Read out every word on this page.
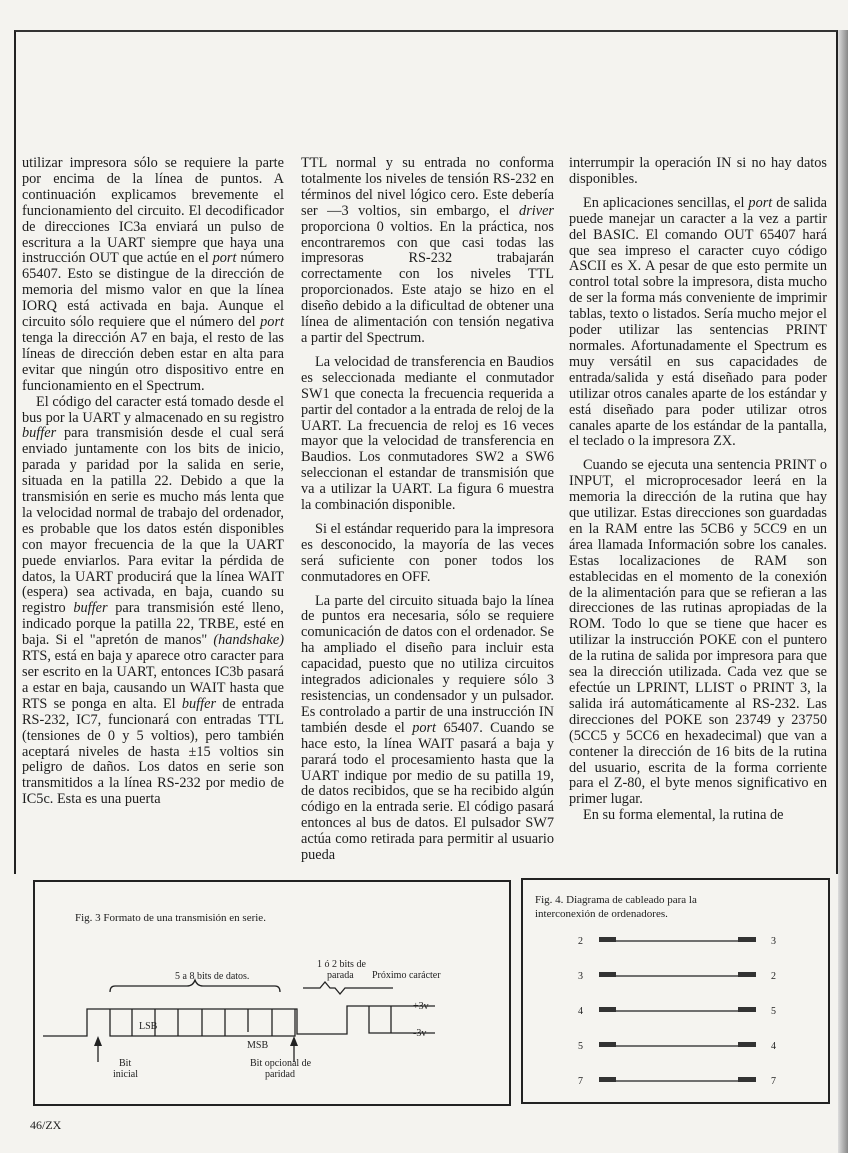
utilizar impresora sólo se requiere la parte por encima de la línea de puntos. A continuación explicamos brevemente el funcionamiento del circuito. El decodificador de direcciones IC3a enviará un pulso de escritura a la UART siempre que haya una instrucción OUT que actúe en el port número 65407. Esto se distingue de la dirección de memoria del mismo valor en que la línea IORQ está activada en baja. Aunque el circuito sólo requiere que el número del port tenga la dirección A7 en baja, el resto de las líneas de dirección deben estar en alta para evitar que ningún otro dispositivo entre en funcionamiento en el Spectrum.

El código del caracter está tomado desde el bus por la UART y almacenado en su registro buffer para transmisión desde el cual será enviado juntamente con los bits de inicio, parada y paridad por la salida en serie, situada en la patilla 22. Debido a que la transmisión en serie es mucho más lenta que la velocidad normal de trabajo del ordenador, es probable que los datos estén disponibles con mayor frecuencia de la que la UART puede enviarlos. Para evitar la pérdida de datos, la UART producirá que la línea WAIT (espera) sea activada, en baja, cuando su registro buffer para transmisión esté lleno, indicado porque la patilla 22, TRBE, esté en baja. Si el "apretón de manos" (handshake) RTS, está en baja y aparece otro caracter para ser escrito en la UART, entonces IC3b pasará a estar en baja, causando un WAIT hasta que RTS se ponga en alta. El buffer de entrada RS-232, IC7, funcionará con entradas TTL (tensiones de 0 y 5 voltios), pero también aceptará niveles de hasta ±15 voltios sin peligro de daños. Los datos en serie son transmitidos a la línea RS-232 por medio de IC5c. Esta es una puerta

TTL normal y su entrada no conforma totalmente los niveles de tensión RS-232 en términos del nivel lógico cero. Este debería ser —3 voltios, sin embargo, el driver proporciona 0 voltios. En la práctica, nos encontraremos con que casi todas las impresoras RS-232 trabajarán correctamente con los niveles TTL proporcionados. Este atajo se hizo en el diseño debido a la dificultad de obtener una línea de alimentación con tensión negativa a partir del Spectrum.

La velocidad de transferencia en Baudios es seleccionada mediante el conmutador SW1 que conecta la frecuencia requerida a partir del contador a la entrada de reloj de la UART. La frecuencia de reloj es 16 veces mayor que la velocidad de transferencia en Baudios. Los conmutadores SW2 a SW6 seleccionan el estandar de transmisión que va a utilizar la UART. La figura 6 muestra la combinación disponible.

Si el estándar requerido para la impresora es desconocido, la mayoría de las veces será suficiente con poner todos los conmutadores en OFF.

La parte del circuito situada bajo la línea de puntos era necesaria, sólo se requiere comunicación de datos con el ordenador. Se ha ampliado el diseño para incluir esta capacidad, puesto que no utiliza circuitos integrados adicionales y requiere sólo 3 resistencias, un condensador y un pulsador. Es controlado a partir de una instrucción IN también desde el port 65407. Cuando se hace esto, la línea WAIT pasará a baja y parará todo el procesamiento hasta que la UART indique por medio de su patilla 19, de datos recibidos, que se ha recibido algún código en la entrada serie. El código pasará entonces al bus de datos. El pulsador SW7 actúa como retirada para permitir al usuario pueda

interrumpir la operación IN si no hay datos disponibles.

En aplicaciones sencillas, el port de salida puede manejar un caracter a la vez a partir del BASIC. El comando OUT 65407 hará que sea impreso el caracter cuyo código ASCII es X. A pesar de que esto permite un control total sobre la impresora, dista mucho de ser la forma más conveniente de imprimir tablas, texto o listados. Sería mucho mejor el poder utilizar las sentencias PRINT normales. Afortunadamente el Spectrum es muy versátil en sus capacidades de entrada/salida y está diseñado para poder utilizar otros canales aparte de los estándar y está diseñado para poder utilizar otros canales aparte de los estándar de la pantalla, el teclado o la impresora ZX.

Cuando se ejecuta una sentencia PRINT o INPUT, el microprocesador leerá en la memoria la dirección de la rutina que hay que utilizar. Estas direcciones son guardadas en la RAM entre las 5CB6 y 5CC9 en un área llamada Información sobre los canales. Estas localizaciones de RAM son establecidas en el momento de la conexión de la alimentación para que se refieran a las direcciones de las rutinas apropiadas de la ROM. Todo lo que se tiene que hacer es utilizar la instrucción POKE con el puntero de la rutina de salida por impresora para que sea la dirección utilizada. Cada vez que se efectúe un LPRINT, LLIST o PRINT 3, la salida irá automáticamente al RS-232. Las direcciones del POKE son 23749 y 23750 (5CC5 y 5CC6 en hexadecimal) que van a contener la dirección de 16 bits de la rutina del usuario, escrita de la forma corriente para el Z-80, el byte menos significativo en primer lugar.

En su forma elemental, la rutina de

Fig. 3 Formato de una transmisión en serie.
5 a 8 bits de datos.
1 ó 2 bits de
parada Próximo carácter
LSB
MSB
+3v
-3v
Bit
inicial
Bit opcional de
paridad
Fig. 4. Diagrama de cableado para la
interconexión de ordenadores.
2	3
3	2
4	5
5	4
7	7
46/ZX
